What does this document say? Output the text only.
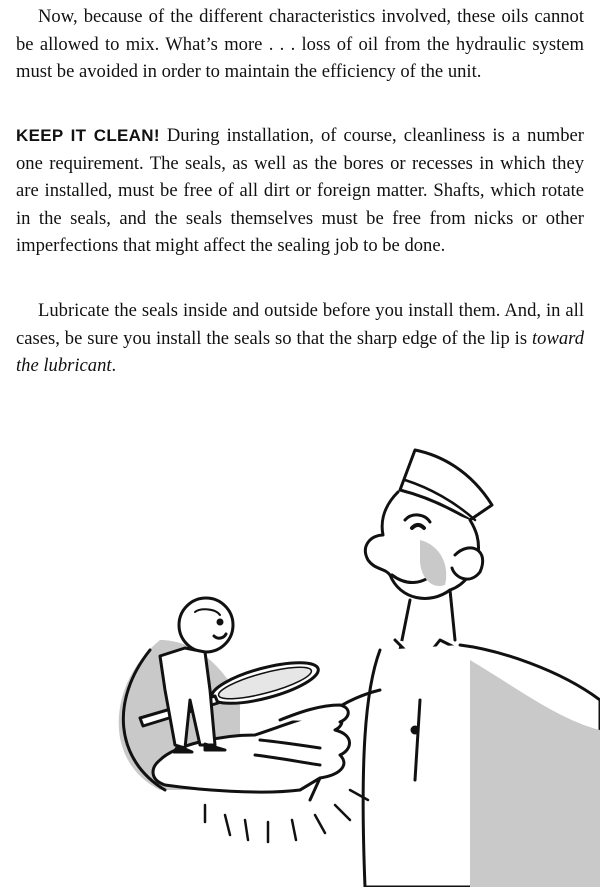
Now, because of the different characteristics involved, these oils cannot be allowed to mix. What’s more . . . loss of oil from the hydraulic system must be avoided in order to maintain the efficiency of the unit.

KEEP IT CLEAN! During installation, of course, cleanliness is a number one requirement. The seals, as well as the bores or recesses in which they are installed, must be free of all dirt or foreign matter. Shafts, which rotate in the seals, and the seals themselves must be free from nicks or other imperfections that might affect the sealing job to be done.

Lubricate the seals inside and outside before you install them. And, in all cases, be sure you install the seals so that the sharp edge of the lip is toward the lubricant.
